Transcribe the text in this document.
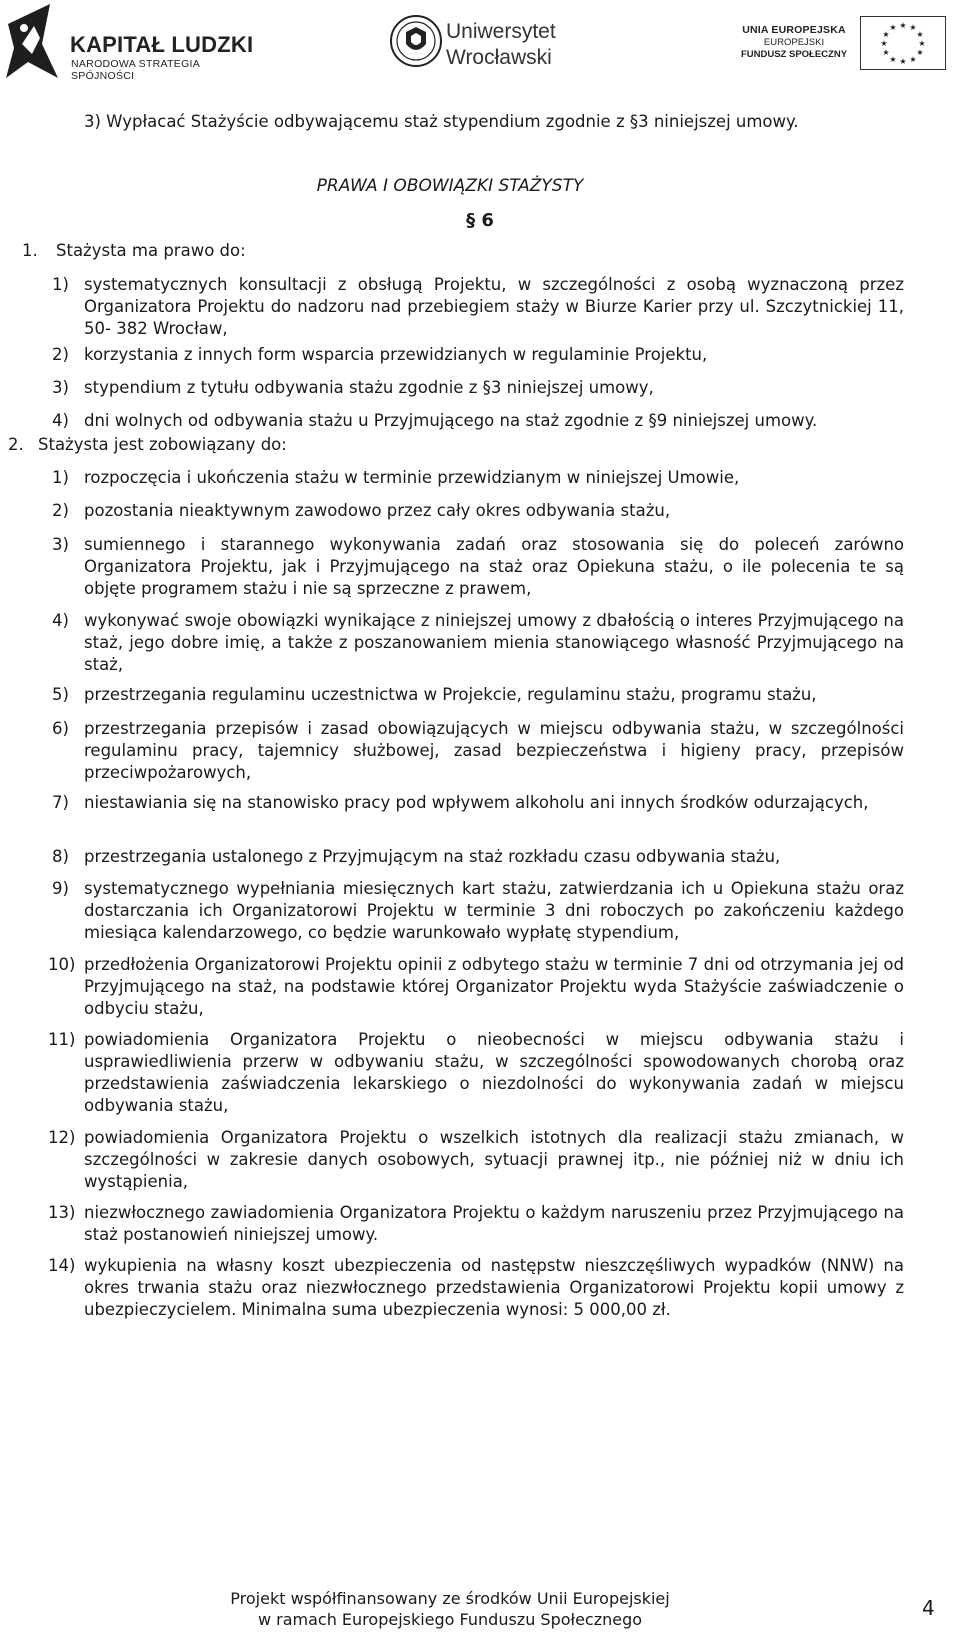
KAPITAŁ LUDZKI
NARODOWA STRATEGIA SPÓJNOŚCI
Uniwersytet
Wrocławski
UNIA EUROPEJSKA
EUROPEJSKI
FUNDUSZ SPOŁECZNY
★ ★
★
★
★
★
★
★
★
★
★
★
3) Wypłacać Stażyście odbywającemu staż stypendium zgodnie z §3 niniejszej umowy.
PRAWA I OBOWIĄZKI STAŻYSTY
§ 6
1. Stażysta ma prawo do:
1) systematycznych konsultacji z obsługą Projektu, w szczególności z osobą wyznaczoną przez Organizatora Projektu do nadzoru nad przebiegiem staży w Biurze Karier przy ul. Szczytnickiej 11, 50- 382 Wrocław,
2) korzystania z innych form wsparcia przewidzianych w regulaminie Projektu,
3) stypendium z tytułu odbywania stażu zgodnie z §3 niniejszej umowy,
4) dni wolnych od odbywania stażu u Przyjmującego na staż zgodnie z §9 niniejszej umowy.
2. Stażysta jest zobowiązany do:
1) rozpoczęcia i ukończenia stażu w terminie przewidzianym w niniejszej Umowie,
2) pozostania nieaktywnym zawodowo przez cały okres odbywania stażu,
3) sumiennego i starannego wykonywania zadań oraz stosowania się do poleceń zarówno Organizatora Projektu, jak i Przyjmującego na staż oraz Opiekuna stażu, o ile polecenia te są objęte programem stażu i nie są sprzeczne z prawem,
4) wykonywać swoje obowiązki wynikające z niniejszej umowy z dbałością o interes Przyjmującego na staż, jego dobre imię, a także z poszanowaniem mienia stanowiącego własność Przyjmującego na staż,
5) przestrzegania regulaminu uczestnictwa w Projekcie, regulaminu stażu, programu stażu,
6) przestrzegania przepisów i zasad obowiązujących w miejscu odbywania stażu, w szczególności regulaminu pracy, tajemnicy służbowej, zasad bezpieczeństwa i higieny pracy, przepisów przeciwpożarowych,
7) niestawiania się na stanowisko pracy pod wpływem alkoholu ani innych środków odurzających,
8) przestrzegania ustalonego z Przyjmującym na staż rozkładu czasu odbywania stażu,
9) systematycznego wypełniania miesięcznych kart stażu, zatwierdzania ich u Opiekuna stażu oraz dostarczania ich Organizatorowi Projektu w terminie 3 dni roboczych po zakończeniu każdego miesiąca kalendarzowego, co będzie warunkowało wypłatę stypendium,
10) przedłożenia Organizatorowi Projektu opinii z odbytego stażu w terminie 7 dni od otrzymania jej od Przyjmującego na staż, na podstawie której Organizator Projektu wyda Stażyście zaświadczenie o odbyciu stażu,
11) powiadomienia Organizatora Projektu o nieobecności w miejscu odbywania stażu i usprawiedliwienia przerw w odbywaniu stażu, w szczególności spowodowanych chorobą oraz przedstawienia zaświadczenia lekarskiego o niezdolności do wykonywania zadań w miejscu odbywania stażu,
12) powiadomienia Organizatora Projektu o wszelkich istotnych dla realizacji stażu zmianach, w szczególności w zakresie danych osobowych, sytuacji prawnej itp., nie później niż w dniu ich wystąpienia,
13) niezwłocznego zawiadomienia Organizatora Projektu o każdym naruszeniu przez Przyjmującego na staż postanowień niniejszej umowy.
14) wykupienia na własny koszt ubezpieczenia od następstw nieszczęśliwych wypadków (NNW) na okres trwania stażu oraz niezwłocznego przedstawienia Organizatorowi Projektu kopii umowy z ubezpieczycielem. Minimalna suma ubezpieczenia wynosi: 5 000,00 zł.
Projekt współfinansowany ze środków Unii Europejskiej
w ramach Europejskiego Funduszu Społecznego	4
